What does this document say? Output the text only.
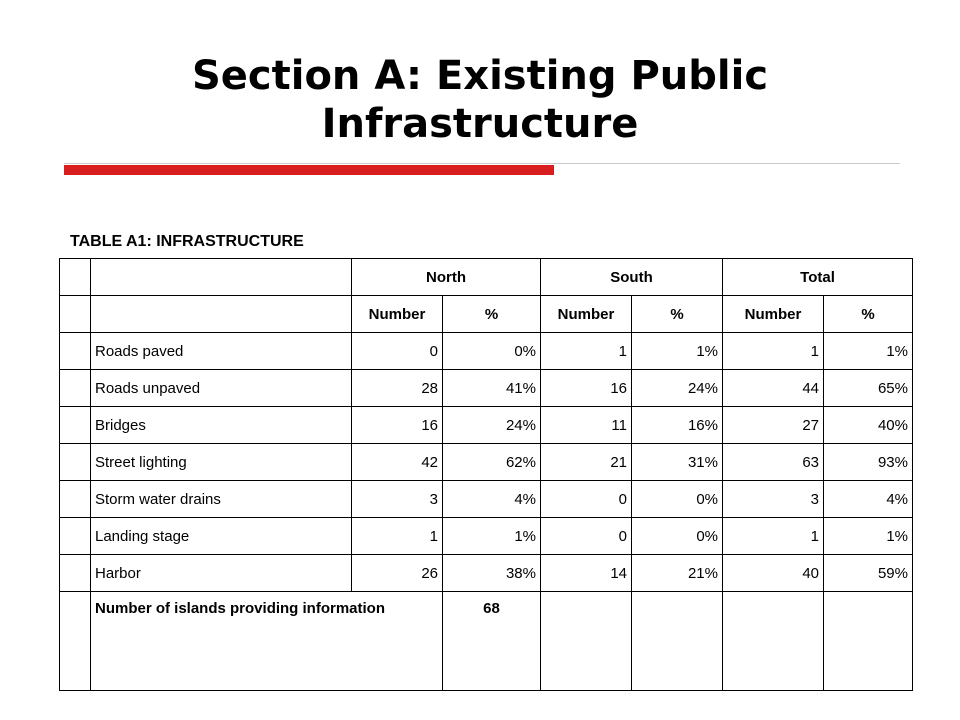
Section A: Existing Public
Infrastructure
TABLE A1: INFRASTRUCTURE
		North		South		Total	
		Number	%	Number	%	Number	%
	Roads paved	0	0%	1	1%	1	1%
	Roads unpaved	28	41%	16	24%	44	65%
	Bridges	16	24%	11	16%	27	40%
	Street lighting	42	62%	21	31%	63	93%
	Storm water drains	3	4%	0	0%	3	4%
	Landing stage	1	1%	0	0%	1	1%
	Harbor	26	38%	14	21%	40	59%
	Number of islands providing information		68				
